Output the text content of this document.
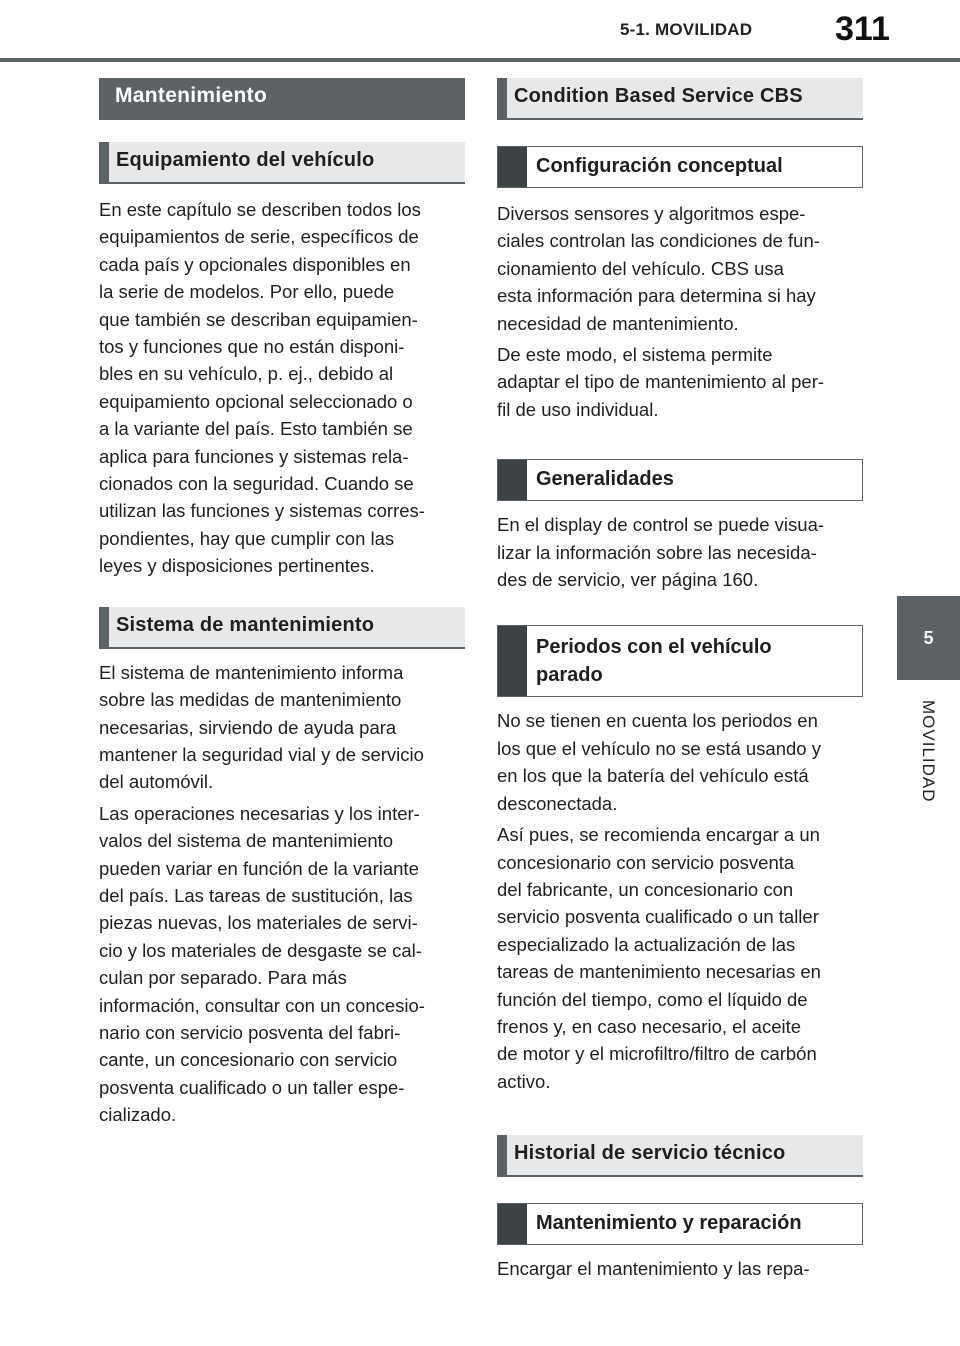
5-1. MOVILIDAD	311
5
MOVILIDAD
Mantenimiento
Equipamiento del vehículo

En este capítulo se describen todos los
equipamientos de serie, específicos de
cada país y opcionales disponibles en
la serie de modelos. Por ello, puede
que también se describan equipamien-
tos y funciones que no están disponi-
bles en su vehículo, p. ej., debido al
equipamiento opcional seleccionado o
a la variante del país. Esto también se
aplica para funciones y sistemas rela-
cionados con la seguridad. Cuando se
utilizan las funciones y sistemas corres-
pondientes, hay que cumplir con las
leyes y disposiciones pertinentes.

Sistema de mantenimiento

El sistema de mantenimiento informa
sobre las medidas de mantenimiento
necesarias, sirviendo de ayuda para
mantener la seguridad vial y de servicio
del automóvil.

Las operaciones necesarias y los inter-
valos del sistema de mantenimiento
pueden variar en función de la variante
del país. Las tareas de sustitución, las
piezas nuevas, los materiales de servi-
cio y los materiales de desgaste se cal-
culan por separado. Para más
información, consultar con un concesio-
nario con servicio posventa del fabri-
cante, un concesionario con servicio
posventa cualificado o un taller espe-
cializado.

Condition Based Service CBS
Configuración conceptual

Diversos sensores y algoritmos espe-
ciales controlan las condiciones de fun-
cionamiento del vehículo. CBS usa
esta información para determina si hay
necesidad de mantenimiento.

De este modo, el sistema permite
adaptar el tipo de mantenimiento al per-
fil de uso individual.

Generalidades

En el display de control se puede visua-
lizar la información sobre las necesida-
des de servicio, ver página 160.

Periodos con el vehículo
parado

No se tienen en cuenta los periodos en
los que el vehículo no se está usando y
en los que la batería del vehículo está
desconectada.

Así pues, se recomienda encargar a un
concesionario con servicio posventa
del fabricante, un concesionario con
servicio posventa cualificado o un taller
especializado la actualización de las
tareas de mantenimiento necesarias en
función del tiempo, como el líquido de
frenos y, en caso necesario, el aceite
de motor y el microfiltro/filtro de carbón
activo.

Historial de servicio técnico
Mantenimiento y reparación

Encargar el mantenimiento y las repa-
